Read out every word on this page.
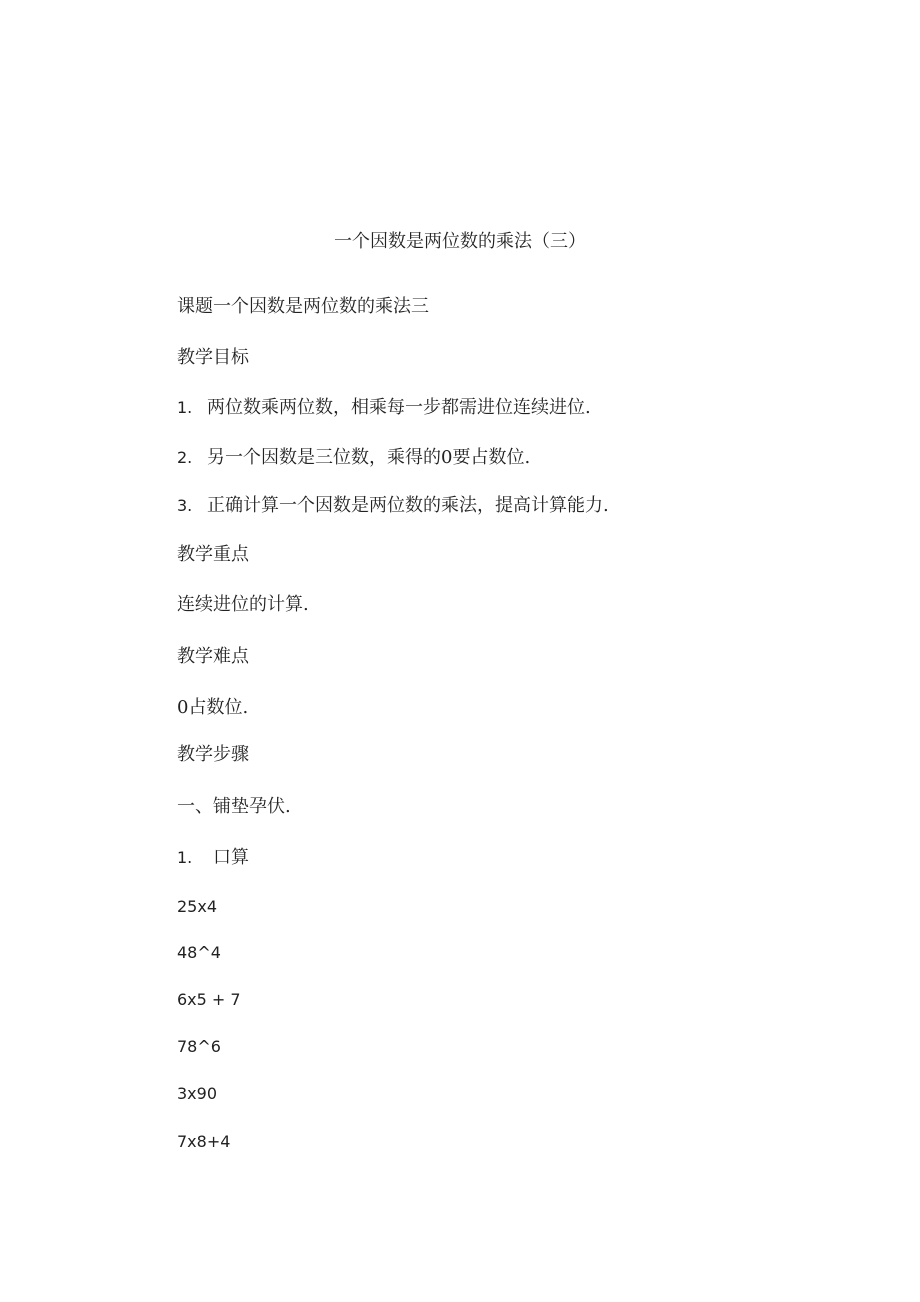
一个因数是两位数的乘法（三）
课题一个因数是两位数的乘法三
教学目标
1. 两位数乘两位数，相乘每一步都需进位连续进位.
2. 另一个因数是三位数，乘得的0要占数位.
3. 正确计算一个因数是两位数的乘法，提高计算能力.
教学重点
连续进位的计算.
教学难点
0占数位.
教学步骤
一、铺垫孕伏.
1. 口算
25x4
48^4
6x5 + 7
78^6
3x90
7x8+4
